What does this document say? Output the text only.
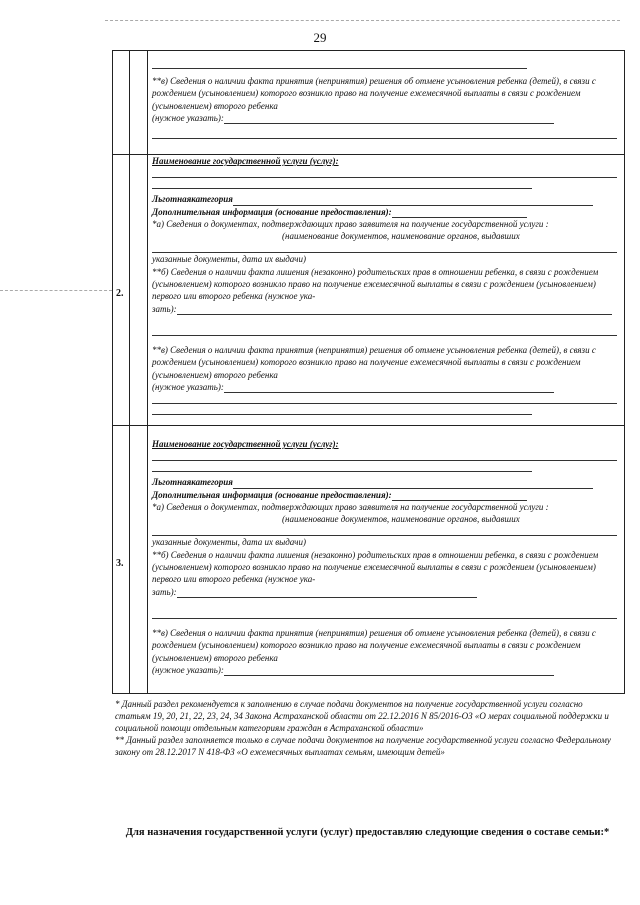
29
2.
3.

**в) Сведения о наличии факта принятия (непринятия) решения об отмене усыновления ребенка (детей), в связи с рождением (усыновлением) которого возникло право на получение ежемесячной выплаты в связи с рождением (усыновлением) второго ребенка

(нужное указать):

Наименование государственной услуги (услуг):

Льготнаякатегория

Дополнительная информация (основание предоставления):

*а) Сведения о документах, подтверждающих право заявителя на получение государственной услуги :

(наименование документов, наименование органов, выдавших

указанные документы, дата их выдачи)

**б) Сведения о наличии факта лишения (незаконно) родительских прав в отношении ребенка, в связи с рождением (усыновлением) которого возникло право на получение ежемесячной выплаты в связи с рождением (усыновлением) первого или второго ребенка (нужное ука-

зать):

**в) Сведения о наличии факта принятия (непринятия) решения об отмене усыновления ребенка (детей), в связи с рождением (усыновлением) которого возникло право на получение ежемесячной выплаты в связи с рождением (усыновлением) второго ребенка

(нужное указать):

Наименование государственной услуги (услуг):

Льготнаякатегория

Дополнительная информация (основание предоставления):

*а) Сведения о документах, подтверждающих право заявителя на получение государственной услуги :

(наименование документов, наименование органов, выдавших

указанные документы, дата их выдачи)

**б) Сведения о наличии факта лишения (незаконно) родительских прав в отношении ребенка, в связи с рождением (усыновлением) которого возникло право на получение ежемесячной выплаты в связи с рождением (усыновлением) первого или второго ребенка (нужное ука-

зать):

**в) Сведения о наличии факта принятия (непринятия) решения об отмене усыновления ребенка (детей), в связи с рождением (усыновлением) которого возникло право на получение ежемесячной выплаты в связи с рождением (усыновлением) второго ребенка

(нужное указать):

* Данный раздел рекомендуется к заполнению в случае подачи документов на получение государственной услуги согласно статьям 19, 20, 21, 22, 23, 24, 34 Закона Астраханской области от 22.12.2016 N 85/2016-ОЗ «О мерах социальной поддержки и социальной помощи отдельным категориям граждан в Астраханской области»

** Данный раздел заполняется только в случае подачи документов на получение государственной услуги согласно Федеральному закону от 28.12.2017 N 418-ФЗ «О ежемесячных выплатах семьям, имеющим детей»

Для назначения государственной услуги (услуг) предоставляю следующие сведения о составе семьи:*
